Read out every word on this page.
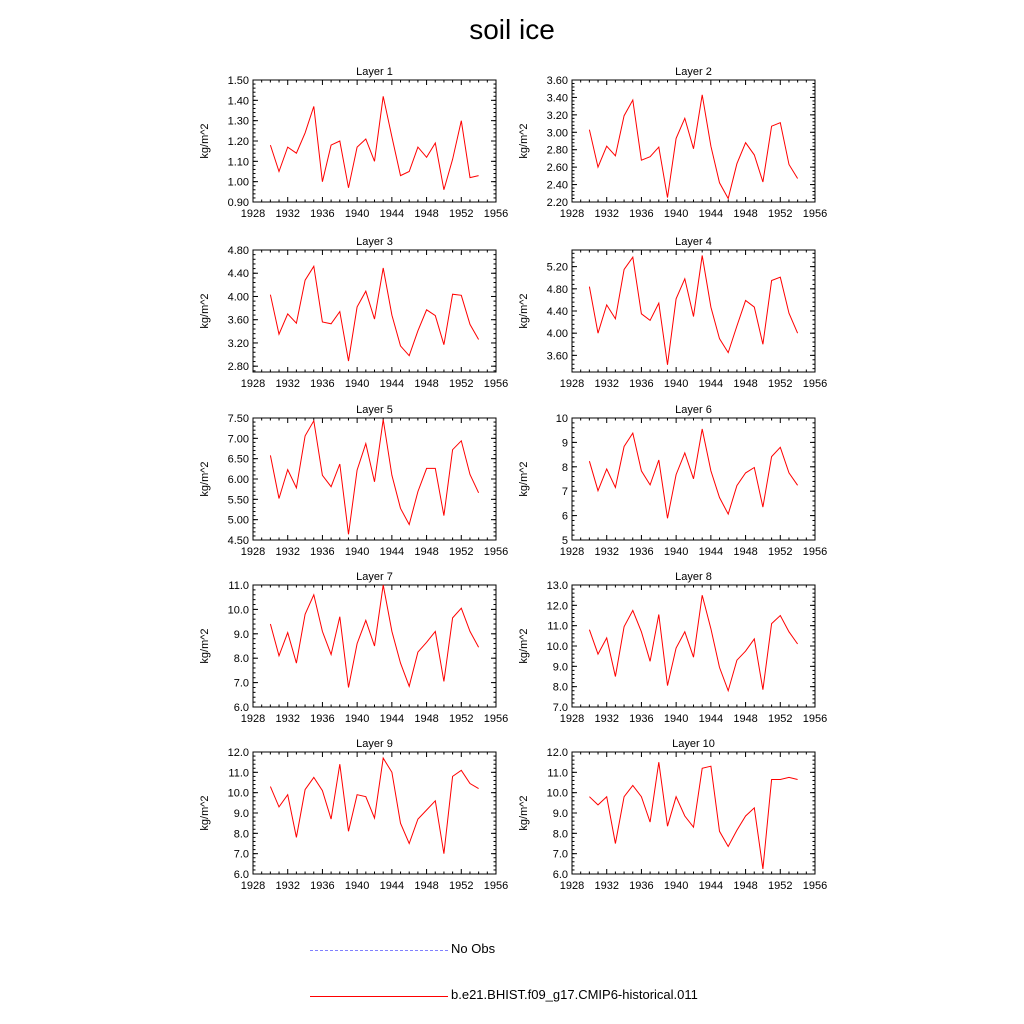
soil ice
Layer 1
kg/m^2
1928 1932 1936 1940 1944 1948 1952 1956
0.90
1.00
1.10
1.20
1.30
1.40
1.50
Layer 2
kg/m^2
1928 1932 1936 1940 1944 1948 1952 1956
2.20
2.40
2.60
2.80
3.00
3.20
3.40
3.60
Layer 3
kg/m^2
1928 1932 1936 1940 1944 1948 1952 1956
2.80
3.20
3.60
4.00
4.40
4.80
Layer 4
kg/m^2
1928 1932 1936 1940 1944 1948 1952 1956
3.60
4.00
4.40
4.80
5.20
Layer 5
kg/m^2
1928 1932 1936 1940 1944 1948 1952 1956
4.50
5.00
5.50
6.00
6.50
7.00
7.50
Layer 6
kg/m^2
1928 1932 1936 1940 1944 1948 1952 1956
5
6
7
8
9
10
Layer 7
kg/m^2
1928 1932 1936 1940 1944 1948 1952 1956
6.0
7.0
8.0
9.0
10.0
11.0
Layer 8
kg/m^2
1928 1932 1936 1940 1944 1948 1952 1956
7.0
8.0
9.0
10.0
11.0
12.0
13.0
Layer 9
kg/m^2
1928 1932 1936 1940 1944 1948 1952 1956
6.0
7.0
8.0
9.0
10.0
11.0
12.0
Layer 10
kg/m^2
1928 1932 1936 1940 1944 1948 1952 1956
6.0
7.0
8.0
9.0
10.0
11.0
12.0
No Obs
b.e21.BHIST.f09_g17.CMIP6-historical.011
